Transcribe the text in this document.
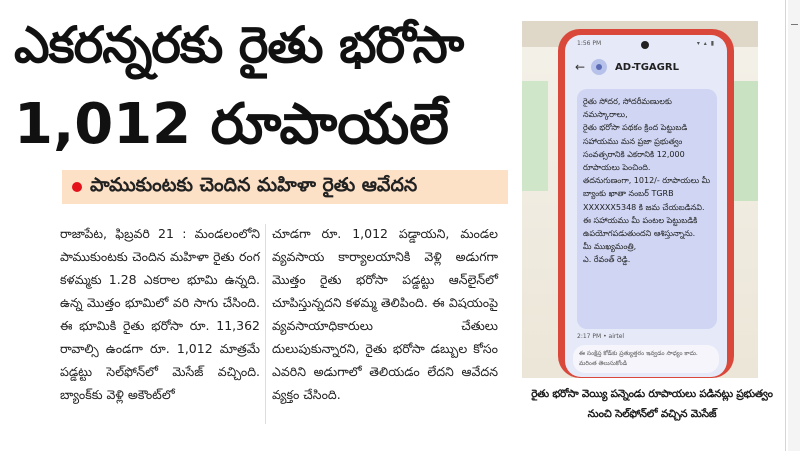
ఎకరన్నరకు రైతు భరోసా
1,012 రూపాయలే
పాముకుంటకు చెందిన మహిళా రైతు ఆవేదన

రాజాపేట, ఫిబ్రవరి 21 : మండలంలోని పాముకుంటకు చెందిన మహిళా రైతు రంగ కళమ్మకు 1.28 ఎకరాల భూమి ఉన్నది. ఉన్న మొత్తం భూమిలో వరి సాగు చేసింది. ఈ భూమికి రైతు భరోసా రూ. 11,362 రావాల్సి ఉండగా రూ. 1,012 మాత్రమే పడ్డట్టు సెల్‌ఫోన్‌లో మెసేజ్ వచ్చింది. బ్యాంక్‌కు వెళ్లి అకౌంట్‌లో

చూడగా రూ. 1,012 పడ్డాయని, మండల వ్యవసాయ కార్యాలయానికి వెళ్లి అడుగగా మొత్తం రైతు భరోసా పడ్డట్టు ఆన్‌లైన్‌లో చూపిస్తున్నదని కళమ్మ తెలిపింది. ఈ విషయంపై వ్యవసాయాధికారులు చేతులు దులుపుకున్నారని, రైతు భరోసా డబ్బుల కోసం ఎవరిని అడుగాలో తెలియడం లేదని ఆవేదన వ్యక్తం చేసింది.

1:56 PM	▾ ▴ ▮
←	AD-TGAGRL

రైతు సోదర, సోదరీమణులకు నమస్కారాలు,
రైతు భరోసా పథకం క్రింద పెట్టుబడి సహాయము మన ప్రజా ప్రభుత్వం సంవత్సరానికి ఎకరానికి 12,000 రూపాయలు పెంచింది.
తదనుగుణంగా, 1012/- రూపాయలు మీ బ్యాంకు ఖాతా నంబర్ TGRB XXXXXX5348 కి జమ చేయబడినవి.
ఈ సహాయము మీ పంటల పెట్టుబడికి ఉపయోగపడుతుందని ఆశిస్తున్నాను.
మీ ముఖ్యమంత్రి,
ఎ. రేవంత్ రెడ్డి.

2:17 PM • airtel
ఈ సంక్షిప్త కోడ్‌కు ప్రత్యుత్తరం ఇవ్వడం సాధ్యం కాదు. మరింత తెలుసుకోండి
రైతు భరోసా వెయ్యి పన్నెండు రూపాయలు పడినట్లు ప్రభుత్వం నుంచి సెల్‌ఫోన్‌లో వచ్చిన మెసేజ్
